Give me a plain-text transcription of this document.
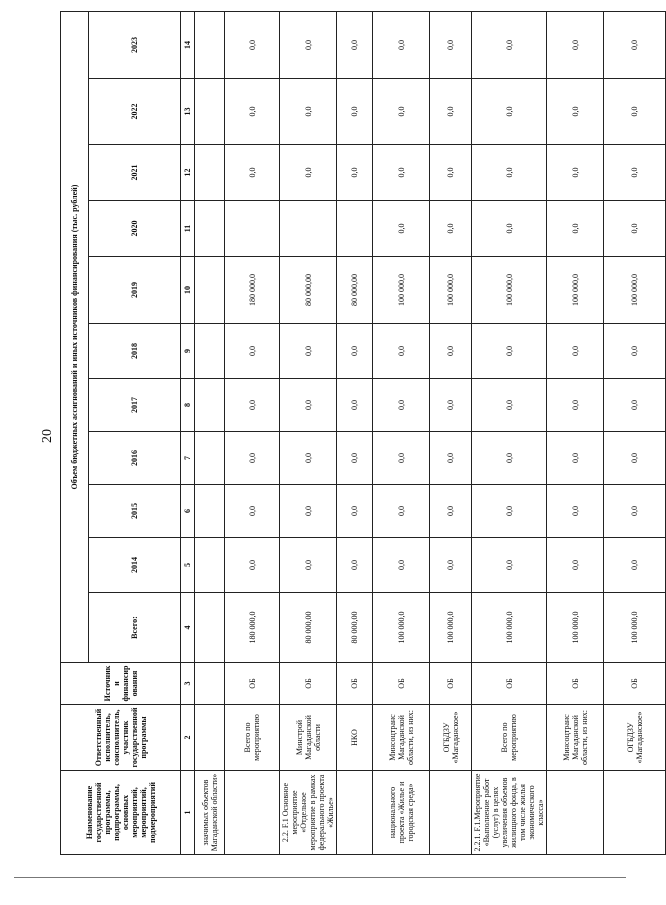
20
Наименование государственной программы, подпрограммы, основных мероприятий, мероприятий, подмероприятий	Ответственный исполнитель, соисполнитель, участник государственной программы	Источники финансирования	Объем бюджетных ассигнований и иных источников финансирования (тыс. рублей)										
			Всего:	2014	2015	2016	2017	2018	2019	2020	2021	2022	2023
1	2	3	4	5	6	7	8	9	10	11	12	13	14
значимых объектов Магаданской области»													
	Всего по мероприятию	ОБ	180 000,0	0,0	0,0	0,0	0,0	0,0	180 000,0		0,0	0,0	0,0
2.2. F.1 Основное мероприятие «Отдельное мероприятие в рамках федерального проекта «Жилье»	Минстрой Магаданской области	ОБ	80 000,00	0,0	0,0	0,0	0,0	0,0	80 000,00		0,0	0,0	0,0
	НКО	ОБ	80 000,00	0,0	0,0	0,0	0,0	0,0	80 000,00		0,0	0,0	0,0
национального проекта «Жилье и городская среда»	Минсоцтранс Магаданской области, из них:	ОБ	100 000,0	0,0	0,0	0,0	0,0	0,0	100 000,0	0,0	0,0	0,0	0,0
	ОГБДЗУ «Магаданское»	ОБ	100 000,0	0,0	0,0	0,0	0,0	0,0	100 000,0	0,0	0,0	0,0	0,0
2.2.1. F.1.Мероприятие «Выполнение работ (услуг) в целях увеличения объемов жилищного фонда, в том числе жилья экономического класса»	Всего по мероприятию	ОБ	100 000,0	0,0	0,0	0,0	0,0	0,0	100 000,0	0,0	0,0	0,0	0,0
	Минсоцтранс Магаданской области, из них:	ОБ	100 000,0	0,0	0,0	0,0	0,0	0,0	100 000,0	0,0	0,0	0,0	0,0
	ОГБДЗУ «Магаданское»	ОБ	100 000,0	0,0	0,0	0,0	0,0	0,0	100 000,0	0,0	0,0	0,0	0,0
